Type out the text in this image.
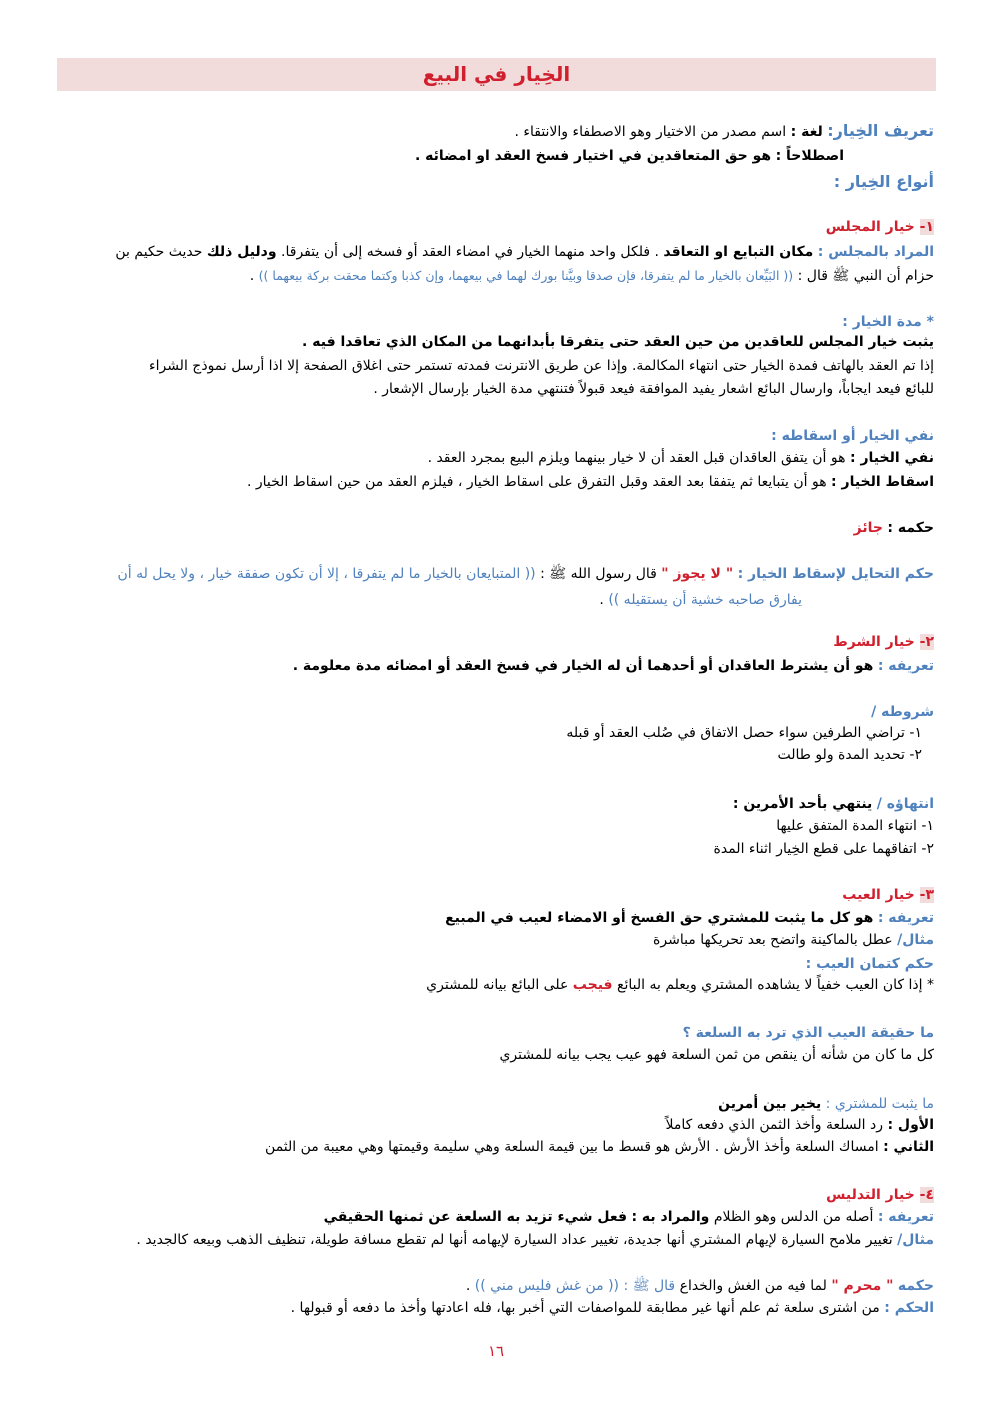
الخِيار في البيع
تعريف الخِيار: لغة : اسم مصدر من الاختيار وهو الاصطفاء والانتقاء .
اصطلاحاً : هو حق المتعاقدين في اختيار فسخ العقد او امضائه .
أنواع الخِيار :
١- خيار المجلس
المراد بالمجلس : مكان التبايع او التعاقد . فلكل واحد منهما الخيار في امضاء العقد أو فسخه إلى أن يتفرقا. ودليل ذلك حديث حكيم بن
حزام أن النبي ﷺ قال : (( البَيِّعان بالخيار ما لم يتفرقا، فإن صدقا وبيَّنا بورك لهما في بيعهما، وإن كذبا وكتما محقت بركة بيعهما )) .
* مدة الخيار :
يثبت خيار المجلس للعاقدين من حين العقد حتى يتفرقا بأبدانهما من المكان الذي تعاقدا فيه .
إذا تم العقد بالهاتف فمدة الخيار حتى انتهاء المكالمة. وإذا عن طريق الانترنت فمدته تستمر حتى اغلاق الصفحة إلا اذا أرسل نموذج الشراء
للبائع فيعد ايجاباً، وارسال البائع اشعار يفيد الموافقة فيعد قبولاً فتنتهي مدة الخيار بإرسال الإشعار .
نفي الخيار أو اسقاطه :
نفي الخيار : هو أن يتفق العاقدان قبل العقد أن لا خيار بينهما ويلزم البيع بمجرد العقد .
اسقاط الخيار : هو أن يتبايعا ثم يتفقا بعد العقد وقبل التفرق على اسقاط الخيار ، فيلزم العقد من حين اسقاط الخيار .
حكمه : جائز
حكم التحايل لإسقاط الخيار : " لا يجوز " قال رسول الله ﷺ : (( المتبايعان بالخيار ما لم يتفرقا ، إلا أن تكون صفقة خيار ، ولا يحل له أن
يفارق صاحبه خشية أن يستقيله )) .
٢- خيار الشرط
تعريفه : هو أن يشترط العاقدان أو أحدهما أن له الخيار في فسخ العقد أو امضائه مدة معلومة .
شروطه /
١- تراضي الطرفين سواء حصل الاتفاق في صُلب العقد أو قبله
٢- تحديد المدة ولو طالت
انتهاؤه / ينتهي بأحد الأمرين :
١- انتهاء المدة المتفق عليها
٢- اتفاقهما على قطع الخِيار اثناء المدة
٣- خيار العيب
تعريفه : هو كل ما يثبت للمشتري حق الفسخ أو الامضاء لعيب في المبيع
مثال/ عطل بالماكينة واتضح بعد تحريكها مباشرة
حكم كتمان العيب :
* إذا كان العيب خفياً لا يشاهده المشتري ويعلم به البائع فيجب على البائع بيانه للمشتري
ما حقيقة العيب الذي ترد به السلعة ؟
كل ما كان من شأنه أن ينقص من ثمن السلعة فهو عيب يجب بيانه للمشتري
ما يثبت للمشتري : يخير بين أمرين
الأول : رد السلعة وأخذ الثمن الذي دفعه كاملاً
الثاني : امساك السلعة وأخذ الأرش . الأرش هو قسط ما بين قيمة السلعة وهي سليمة وقيمتها وهي معيبة من الثمن
٤- خيار التدليس
تعريفه : أصله من الدلس وهو الظلام والمراد به : فعل شيء تزيد به السلعة عن ثمنها الحقيقي
مثال/ تغيير ملامح السيارة لإيهام المشتري أنها جديدة، تغيير عداد السيارة لإيهامه أنها لم تقطع مسافة طويلة، تنظيف الذهب وبيعه كالجديد .
حكمه " محرم " لما فيه من الغش والخداع قال ﷺ : (( من غش فليس مني )) .
الحكم : من اشترى سلعة ثم علم أنها غير مطابقة للمواصفات التي أخبر بها، فله اعادتها وأخذ ما دفعه أو قبولها .
١٦
